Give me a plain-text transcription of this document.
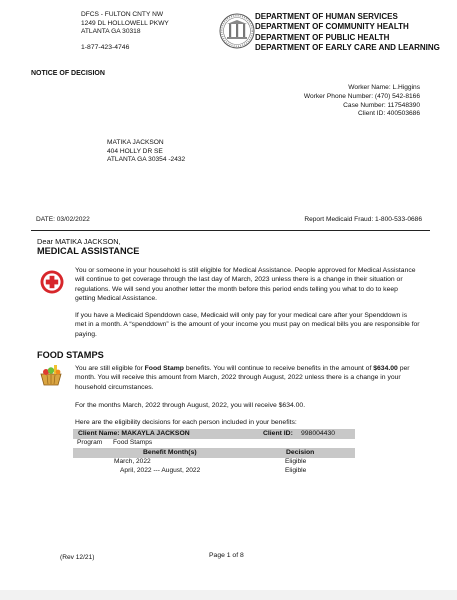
DFCS - FULTON CNTY NW
1249 DL HOLLOWELL PKWY
ATLANTA GA 30318
1-877-423-4746
DEPARTMENT OF HUMAN SERVICES
DEPARTMENT OF COMMUNITY HEALTH
DEPARTMENT OF PUBLIC HEALTH
DEPARTMENT OF EARLY CARE AND LEARNING
NOTICE OF DECISION
Worker Name: L.Higgins
Worker Phone Number: (470) 542-8166
Case Number: 117548390
Client ID: 400503686
MATIKA JACKSON
404 HOLLY DR SE
ATLANTA GA 30354 -2432
DATE: 03/02/2022	Report Medicaid Fraud: 1-800-533-0686
Dear MATIKA JACKSON,
MEDICAL ASSISTANCE
You or someone in your household is still eligible for Medical Assistance. People approved for Medical Assistance will continue to get coverage through the last day of March, 2023 unless there is a change in their situation or regulations. We will send you another letter the month before this period ends telling you what to do to keep getting Medical Assistance.
If you have a Medicaid Spenddown case, Medicaid will only pay for your medical care after your Spenddown is met in a month. A “spenddown” is the amount of your income you must pay on medical bills you are responsible for paying.
FOOD STAMPS
You are still eligible for Food Stamp benefits. You will continue to receive benefits in the amount of $634.00 per month. You will receive this amount from March, 2022 through August, 2022 unless there is a change in your household circumstances.
For the months March, 2022 through August, 2022, you will receive $634.00.
Here are the eligibility decisions for each person included in your benefits:
Client Name: MAKAYLA JACKSON	Client ID: 998004430
Program Food Stamps
Benefit Month(s)	Decision
March, 2022	Eligible
April, 2022 --- August, 2022	Eligible
(Rev 12/21)	Page 1 of 8
